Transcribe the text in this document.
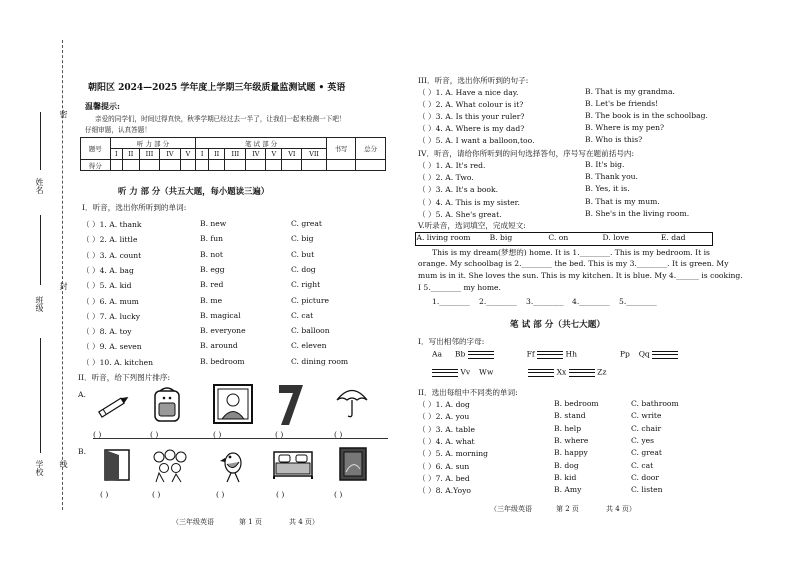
密
封
线
姓名
班级
学校
朝阳区 2024—2025 学年度上学期三年级质量监测试题 • 英语
温馨提示:
亲爱的同学们，时间过得真快，秋季学期已经过去一半了，让我们一起来检测一下吧！
仔细审题，认真答题！
题号	听 力 部 分					笔 试 部 分							书写	总分
	I	II	III	IV	V	I	II	III	IV	V	VI	VII		
得分														
听 力 部 分（共五大题，每小题读三遍）
I．听音，选出你所听到的单词:
（ ）1. A. thank	B. new	C. great
（ ）2. A. little	B. fun	C. big
（ ）3. A. count	B. not	C. but
（ ）4. A. bag	B. egg	C. dog
（ ）5. A. kid	B. red	C. right
（ ）6. A. mum	B. me	C. picture
（ ）7. A. lucky	B. magical	C. cat
（ ）8. A. toy	B. everyone	C. balloon
（ ）9. A. seven	B. around	C. eleven
（ ）10. A. kitchen	B. bedroom	C. dining room
II．听音，给下列图片排序:
A.
B.
( )	( )	( )	( )	( )
( )	( )	( )	( )	( )
（三年级英语	第 1 页	共 4 页）
III．听音，选出你所听到的句子:
（ ）1. A. Have a nice day.	B. That is my grandma.
（ ）2. A. What colour is it?	B. Let's be friends!
（ ）3. A. Is this your ruler?	B. The book is in the schoolbag.
（ ）4. A. Where is my dad?	B. Where is my pen?
（ ）5. A. I want a balloon,too.	B. Who is this?
IV．听音，请给你所听到的问句选择答句，序号写在题前括号内:
（ ）1. A. It's red.	B. It's big.
（ ）2. A. Two.	B. Thank you.
（ ）3. A. It's a book.	B. Yes, it is.
（ ）4. A. This is my sister.	B. That is my mum.
（ ）5. A. She's great.	B. She's in the living room.
V.听录音，选词填空，完成短文:
A. living room	B. big	C. on	D. love	E. dad
This is my dream(梦想的) home. It is 1.________. This is my bedroom. It is
orange. My schoolbag is 2.________ the bed. This is my 3.________. It is green. My
mum is in it. She loves the sun. This is my kitchen. It is blue. My 4.______ is cooking.
I 5.________ my home.
1.________ 2.________ 3.________ 4.________ 5.________
笔 试 部 分（共七大题）
I．写出相邻的字母:
Aa Bb	Ff	Hh	Pp Qq
Vv Ww	Xx	Zz
II．选出每组中不同类的单词:
（ ）1. A. dog	B. bedroom	C. bathroom
（ ）2. A. you	B. stand	C. write
（ ）3. A. table	B. help	C. chair
（ ）4. A. what	B. where	C. yes
（ ）5. A. morning	B. happy	C. great
（ ）6. A. sun	B. dog	C. cat
（ ）7. A. bed	B. kid	C. door
（ ）8. A.Yoyo	B. Amy	C. listen
（三年级英语	第 2 页	共 4 页）
